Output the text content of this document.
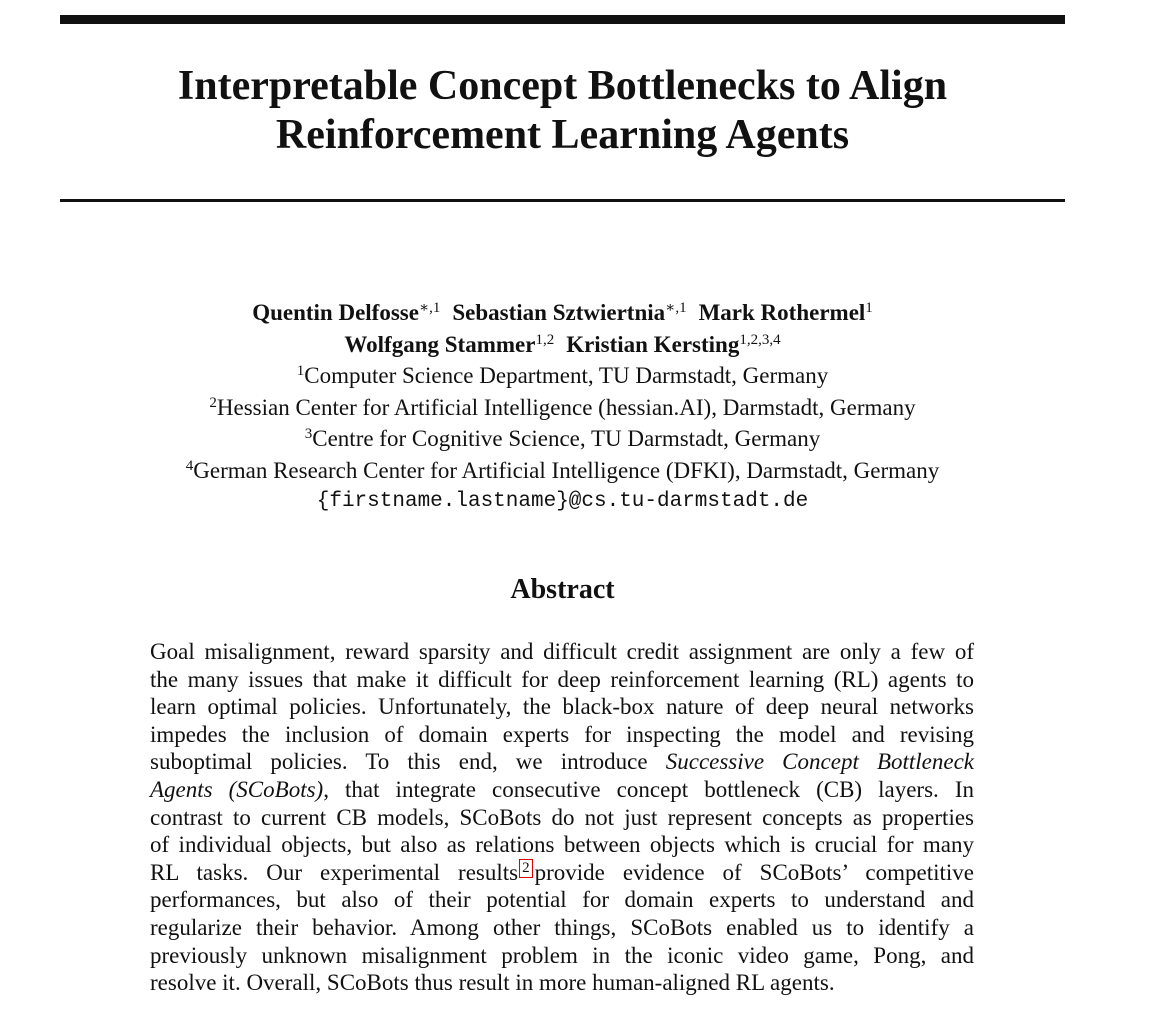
Interpretable Concept Bottlenecks to Align
Reinforcement Learning Agents
Quentin Delfosse$^{∗,1}$ Sebastian Sztwiertnia$^{∗,1}$ Mark Rothermel$^1$
Wolfgang Stammer$^{1,2}$ Kristian Kersting$^{1,2,3,4}$
$^1$Computer Science Department, TU Darmstadt, Germany
$^2$Hessian Center for Artificial Intelligence (hessian.AI), Darmstadt, Germany
$^3$Centre for Cognitive Science, TU Darmstadt, Germany
$^4$German Research Center for Artificial Intelligence (DFKI), Darmstadt, Germany
{firstname.lastname}@cs.tu-darmstadt.de
Abstract
Goal misalignment, reward sparsity and difficult credit assignment are only a few of
the many issues that make it difficult for deep reinforcement learning (RL) agents to
learn optimal policies. Unfortunately, the black-box nature of deep neural networks
impedes the inclusion of domain experts for inspecting the model and revising
suboptimal policies. To this end, we introduce Successive Concept Bottleneck
Agents (SCoBots), that integrate consecutive concept bottleneck (CB) layers. In
contrast to current CB models, SCoBots do not just represent concepts as properties
of individual objects, but also as relations between objects which is crucial for many
RL tasks. Our experimental results 2 provide evidence of SCoBots’ competitive
performances, but also of their potential for domain experts to understand and
regularize their behavior. Among other things, SCoBots enabled us to identify a
previously unknown misalignment problem in the iconic video game, Pong, and
resolve it. Overall, SCoBots thus result in more human-aligned RL agents.
